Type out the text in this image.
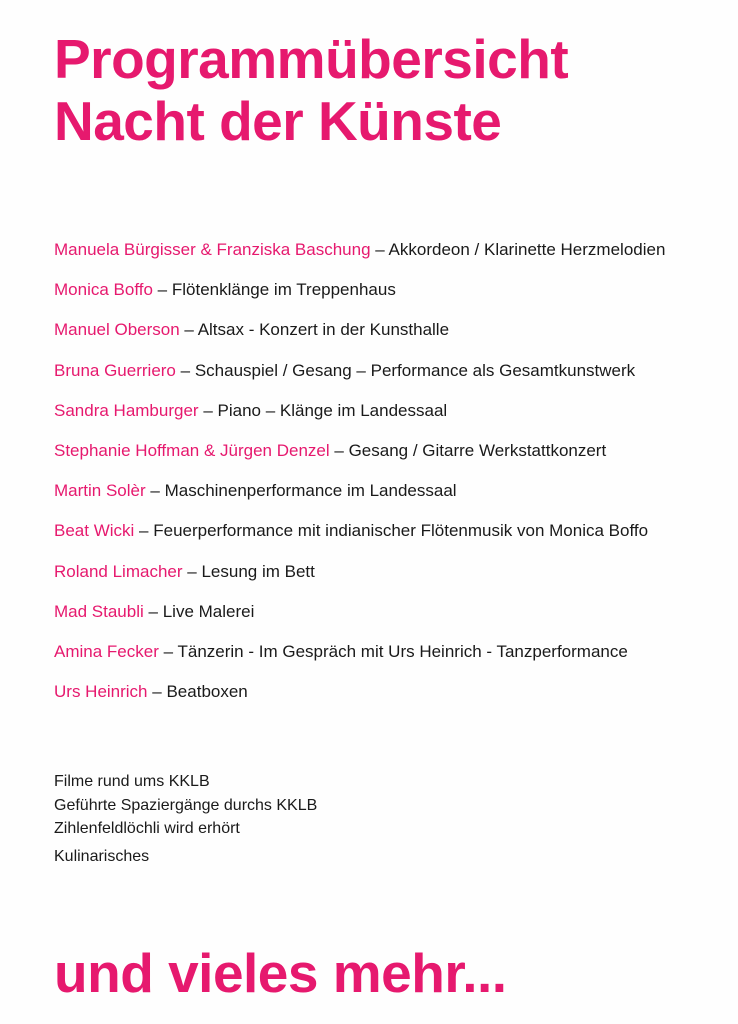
Programmübersicht
Nacht der Künste
Manuela Bürgisser & Franziska Baschung – Akkordeon / Klarinette Herzmelodien
Monica Boffo – Flötenklänge im Treppenhaus
Manuel Oberson – Altsax - Konzert in der Kunsthalle
Bruna Guerriero – Schauspiel / Gesang – Performance als Gesamtkunstwerk
Sandra Hamburger – Piano – Klänge im Landessaal
Stephanie Hoffman & Jürgen Denzel – Gesang / Gitarre Werkstattkonzert
Martin Solèr – Maschinenperformance im Landessaal
Beat Wicki – Feuerperformance mit indianischer Flötenmusik von Monica Boffo
Roland Limacher – Lesung im Bett
Mad Staubli – Live Malerei
Amina Fecker – Tänzerin - Im Gespräch mit Urs Heinrich - Tanzperformance
Urs Heinrich – Beatboxen
Filme rund ums KKLB
Geführte Spaziergänge durchs KKLB
Zihlenfeldlöchli wird erhört
Kulinarisches
und vieles mehr...
